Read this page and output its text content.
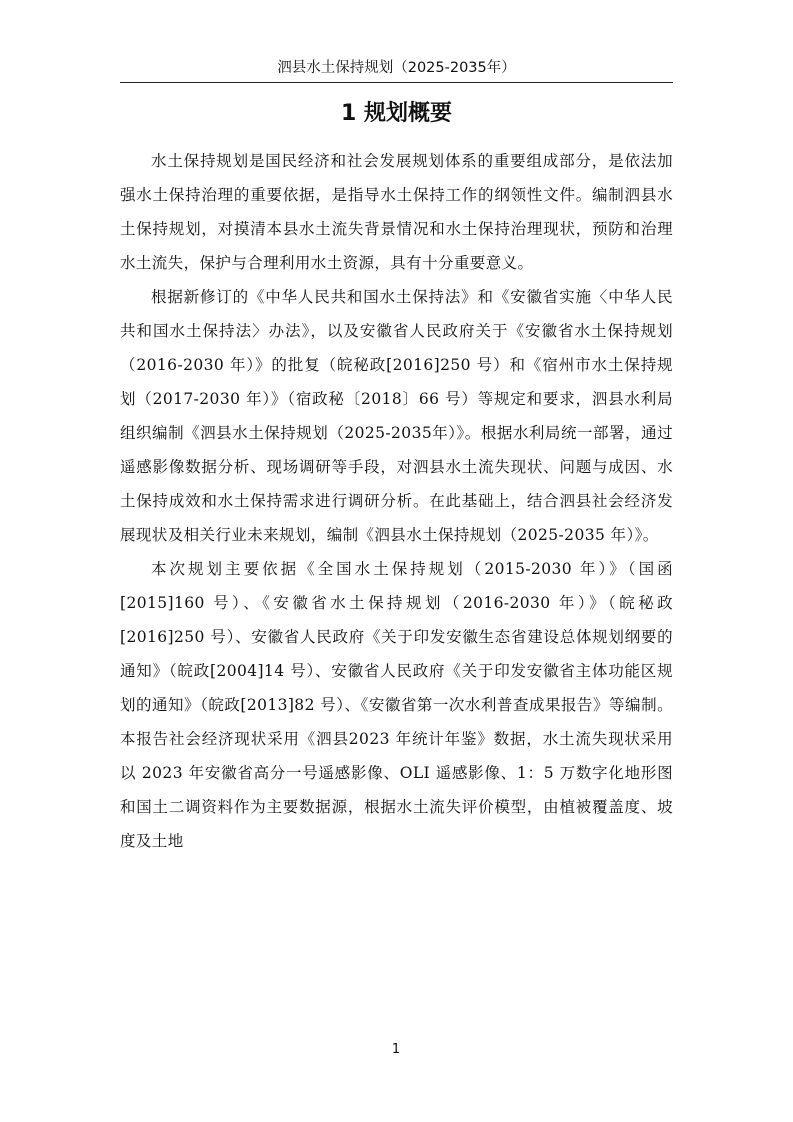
泗县水土保持规划（2025-2035年）
1 规划概要

水土保持规划是国民经济和社会发展规划体系的重要组成部分，是依法加强水土保持治理的重要依据，是指导水土保持工作的纲领性文件。编制泗县水土保持规划，对摸清本县水土流失背景情况和水土保持治理现状，预防和治理水土流失，保护与合理利用水土资源，具有十分重要意义。

根据新修订的《中华人民共和国水土保持法》和《安徽省实施〈中华人民共和国水土保持法〉办法》，以及安徽省人民政府关于《安徽省水土保持规划（2016-2030 年）》的批复（皖秘政[2016]250 号）和《宿州市水土保持规划（2017-2030 年）》（宿政秘〔2018〕66 号）等规定和要求，泗县水利局组织编制《泗县水土保持规划（2025-2035年）》。根据水利局统一部署，通过遥感影像数据分析、现场调研等手段，对泗县水土流失现状、问题与成因、水土保持成效和水土保持需求进行调研分析。在此基础上，结合泗县社会经济发展现状及相关行业未来规划，编制《泗县水土保持规划（2025-2035 年）》。

本次规划主要依据《全国水土保持规划（2015-2030 年）》（国函[2015]160 号）、《安徽省水土保持规划（2016-2030 年）》（皖秘政[2016]250 号）、安徽省人民政府《关于印发安徽生态省建设总体规划纲要的通知》（皖政[2004]14 号）、安徽省人民政府《关于印发安徽省主体功能区规划的通知》（皖政[2013]82 号）、《安徽省第一次水利普查成果报告》等编制。本报告社会经济现状采用《泗县2023 年统计年鉴》数据，水土流失现状采用以 2023 年安徽省高分一号遥感影像、OLI 遥感影像、1：5 万数字化地形图和国土二调资料作为主要数据源，根据水土流失评价模型，由植被覆盖度、坡度及土地

1
